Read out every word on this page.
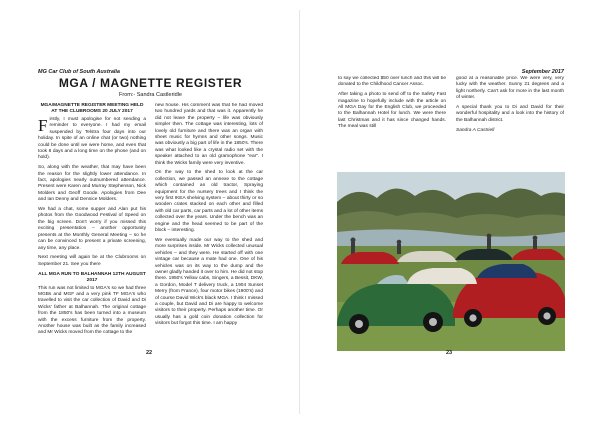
MG Car Club of South Australia
MGA / MAGNETTE REGISTER
From:- Sandra Castleridle
MGA/MAGNETTE REGISTER MEETING HELD AT THE CLUBROOMS 20 JULY 2017

Firstly, I must apologise for not sending a reminder to everyone. I had my email suspended by Telstra four days into our holiday. In spite of an online chat (or two) nothing could be done until we were home, and even that took 8 days and a long time on the phone (and on hold).

So, along with the weather, that may have been the reason for the slightly lower attendance. In fact, apologies nearly outnumbered attendance. Present were Karen and Murray Stephenson, Nick Molders and Geoff Goode. Apologies from Dee and Ian Denny and Dennice Molders.

We had a chat, some supper and Alan put his photos from the Goodwood Festival of Speed on the big screen. Don't worry if you missed this exciting presentation – another opportunity presents at the Monthly General Meeting – so he can be convinced to present a private screening, any time, any place.

Next meeting will again be at the Clubrooms on September 21. See you there

ALL MGA RUN TO BALHANNAH 12TH AUGUST 2017

This run was not limited to MGA's so we had three MGBs and MGF and a very pink TF MGA's who travelled to visit the car collection of David and Di Wicks' father at Balhannah. The original cottage from the 1850's has been turned into a museum with the excess furniture from the property. Another house was built as the family increased and Mr Wicks moved from the cottage to the

new house. His comment was that he had moved two hundred yards and that was it. Apparently he did not leave the property – life was obviously simpler then. The cottage was interesting, lots of lovely old furniture and there was an organ with sheet music for hymns and other songs. Music was obviously a big part of life in the 1850's. There was what looked like a crystal radio set with the speaker attached to an old gramophone "ear". I think the Wicks family were very inventive.

On the way to the shed to look at the car collection, we passed an annexe to the cottage which contained an old tractor, Spraying equipment for the nursery trees and I think the very first IKEA shelving system – about thirty or so wooden crates stacked on each other and filled with old car parts, car parts and a lot of other items collected over the years. Under the bench was an engine and the head seemed to be part of the block – interesting.

We eventually made our way to the shed and more surprises inside. Mr Wicks collected unusual vehicles – and they were. He started off with one vintage car because a mate had one. One of his vehicles was on its way to the dump and the owner gladly handed it over to him. He did not stop there. 1950's Yellow cabs, Singers, a Bessit, DKW, a Gordon, Model T delivery truck, a 1904 Sunset Merry (from France), four motor bikes (1900's) and of course David Wick's black MGA. I think I missed a couple, but David and Di are happy to welcome visitors to their property. Perhaps another time. Or usually has a gold coin donation collection for visitors but forgot this time. I am happy

22
September 2017

to say we collected $50 over lunch and this will be donated to the Childhood Cancer Assoc.

After taking a photo to send off to the Safety Fast magazine to hopefully include with the article on All MGA Day for the English Club, we proceeded to the Balhannah Hotel for lunch. We were there last Christmas and it has since changed hands. The meal was still

good at a reasonable price. We were very, very lucky with the weather. Sunny 21 degrees and a light northerly. Can't ask for more in the last month of winter.

A special thank you to Di and David for their wonderful hospitality and a look into the history of the Balhannah district.

Sandra A Castriell

23
